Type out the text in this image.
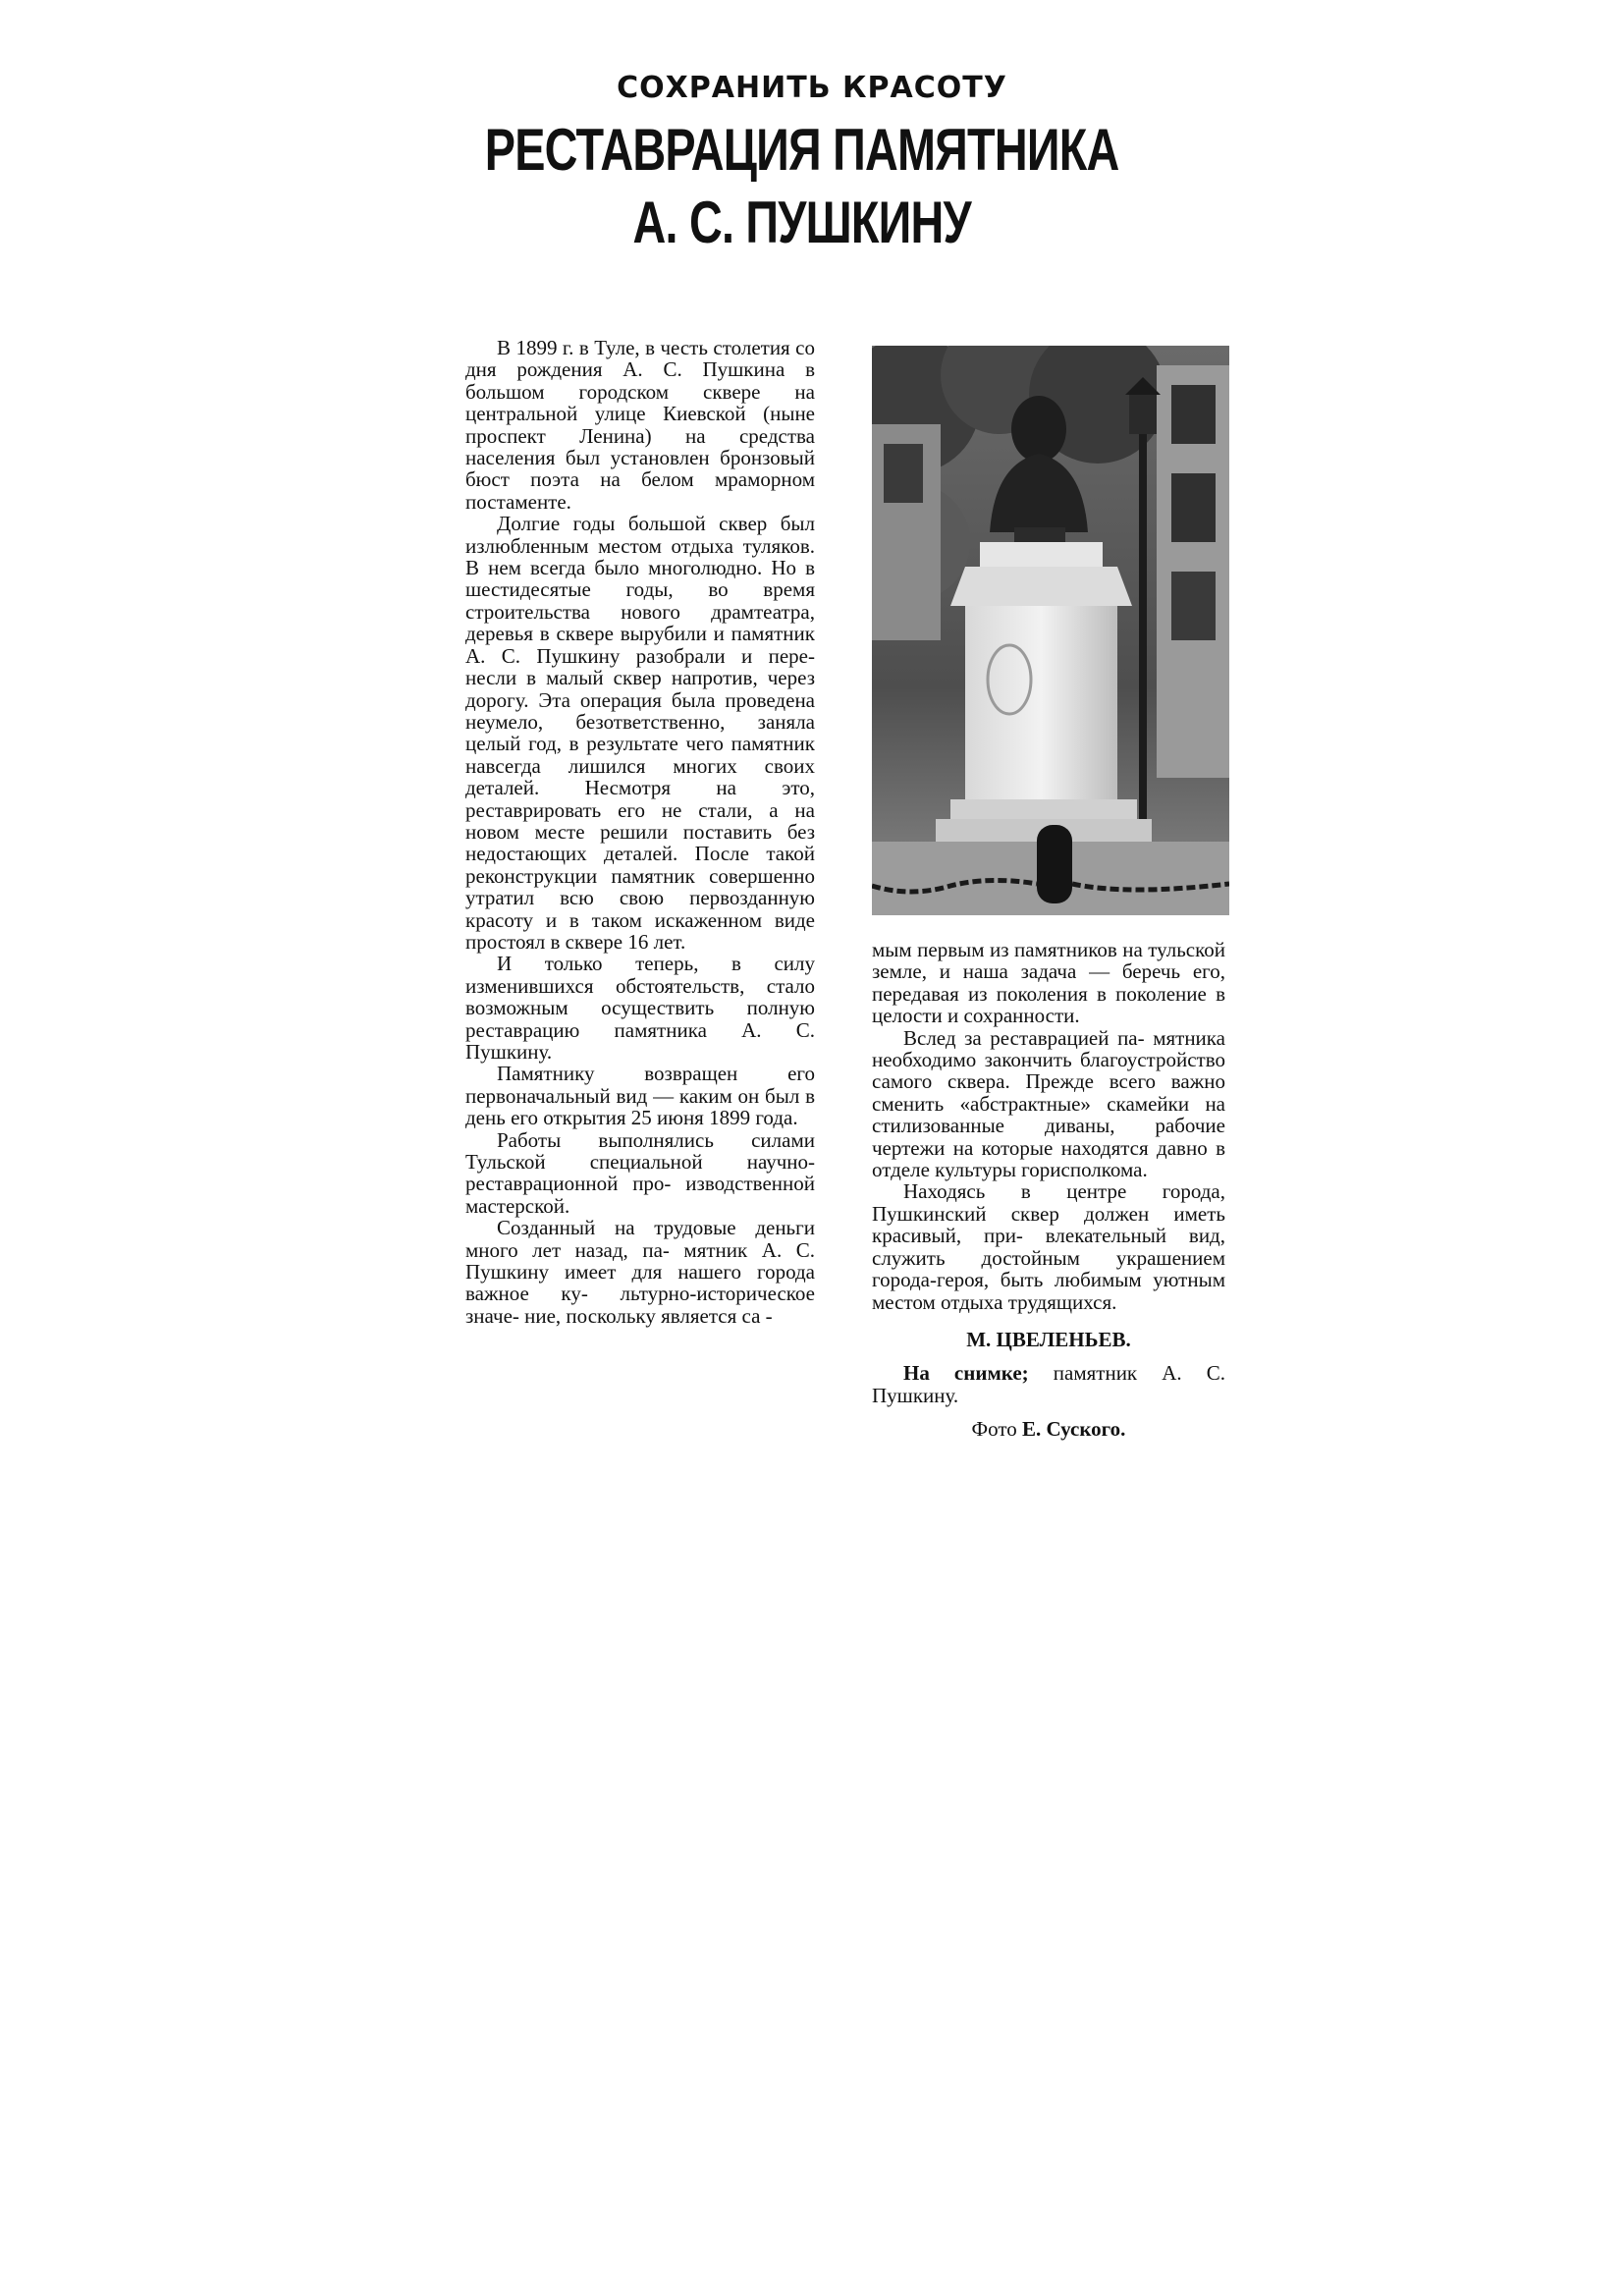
СОХРАНИТЬ КРАСОТУ
РЕСТАВРАЦИЯ ПАМЯТНИКА
А. С. ПУШКИНУ

В 1899 г. в Туле, в честь столетия со дня рождения А. С. Пушкина в большом городском сквере на центральной улице Киевской (ныне проспект Ленина) на средства населения был установлен бронзовый бюст поэта на белом мраморном постаменте.

Долгие годы большой сквер был излюбленным местом отдыха туляков. В нем всегда было многолюдно. Но в шестидесятые годы, во время строительства нового драмтеатра, деревья в сквере вырубили и памятник А. С. Пушкину разобрали и пере- несли в малый сквер напротив, через дорогу. Эта операция была проведена неумело, безответственно, заняла целый год, в результате чего памятник навсегда лишился многих своих деталей. Несмотря на это, реставрировать его не стали, а на новом месте решили поставить без недостающих деталей. После такой реконструкции памятник совершенно утратил всю свою первозданную красоту и в таком искаженном виде простоял в сквере 16 лет.

И только теперь, в силу изменившихся обстоятельств, стало возможным осуществить полную реставрацию памятника А. С. Пушкину.

Памятнику возвращен его первоначальный вид — каким он был в день его открытия 25 июня 1899 года.

Работы выполнялись силами Тульской специальной научно-реставрационной про- изводственной мастерской.

Созданный на трудовые деньги много лет назад, па- мятник А. С. Пушкину имеет для нашего города важное ку- льтурно-историческое значе- ние, поскольку является са -

мым первым из памятников на тульской земле, и наша задача — беречь его, передавая из поколения в поколение в целости и сохранности.

Вслед за реставрацией па- мятника необходимо закончить благоустройство самого сквера. Прежде всего важно сменить «абстрактные» скамейки на стилизованные диваны, рабочие чертежи на которые находятся давно в отделе культуры горисполкома.

Находясь в центре города, Пушкинский сквер должен иметь красивый, при- влекательный вид, служить достойным украшением города-героя, быть любимым уютным местом отдыха трудящихся.

М. ЦВЕЛЕНЬЕВ.

На снимке; памятник А. С. Пушкину.

Фото Е. Суского.
